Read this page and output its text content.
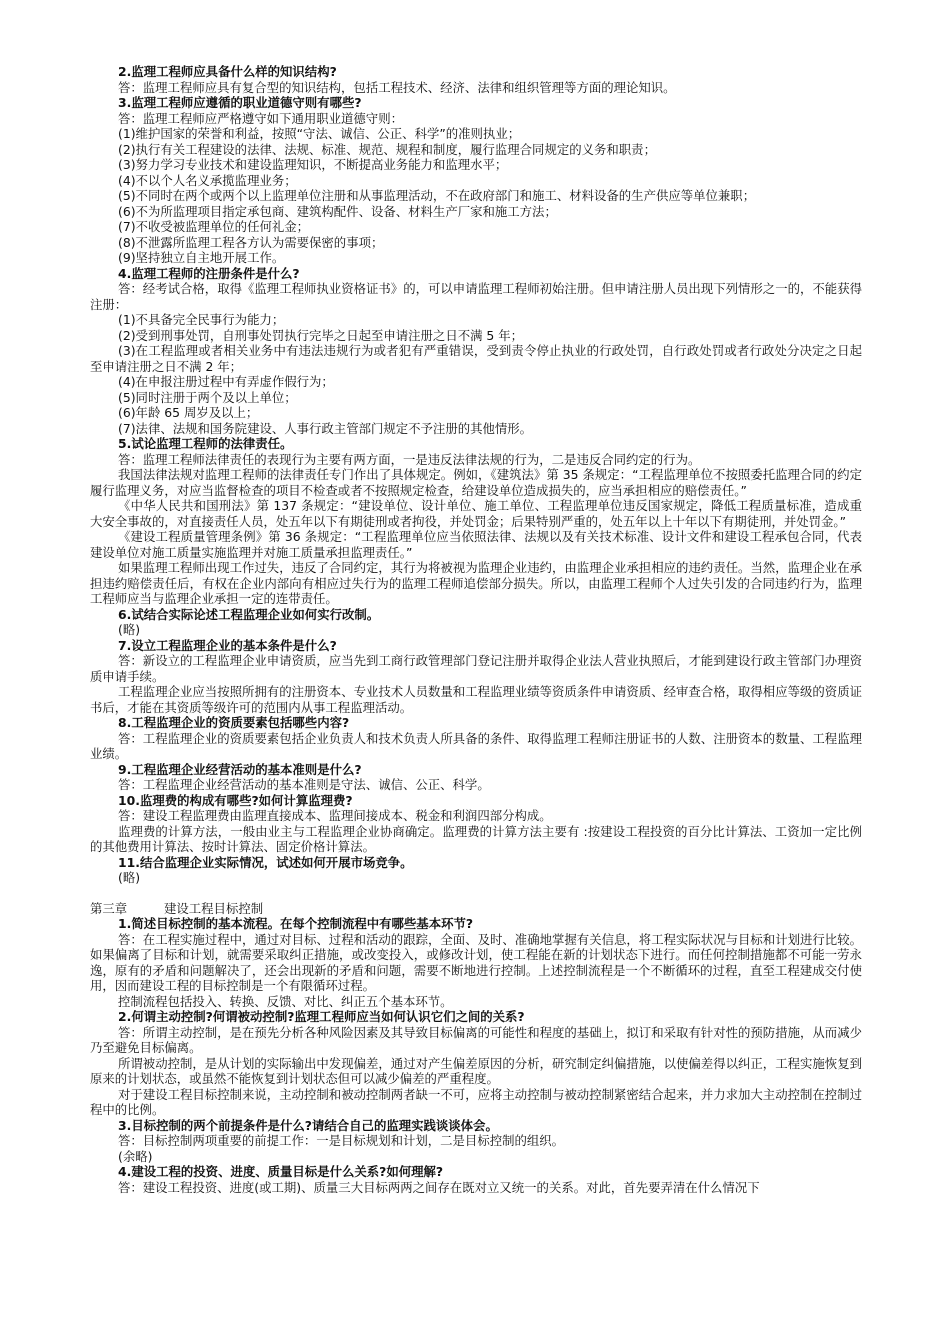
2.监理工程师应具备什么样的知识结构?

答：监理工程师应具有复合型的知识结构，包括工程技术、经济、法律和组织管理等方面的理论知识。

3.监理工程师应遵循的职业道德守则有哪些?

答：监理工程师应严格遵守如下通用职业道德守则：

(1)维护国家的荣誉和利益，按照“守法、诚信、公正、科学”的准则执业；

(2)执行有关工程建设的法律、法规、标准、规范、规程和制度，履行监理合同规定的义务和职责；

(3)努力学习专业技术和建设监理知识，不断提高业务能力和监理水平；

(4)不以个人名义承揽监理业务；

(5)不同时在两个或两个以上监理单位注册和从事监理活动，不在政府部门和施工、材料设备的生产供应等单位兼职；

(6)不为所监理项目指定承包商、建筑构配件、设备、材料生产厂家和施工方法；

(7)不收受被监理单位的任何礼金；

(8)不泄露所监理工程各方认为需要保密的事项；

(9)坚持独立自主地开展工作。

4.监理工程师的注册条件是什么?

答：经考试合格，取得《监理工程师执业资格证书》的，可以申请监理工程师初始注册。但申请注册人员出现下列情形之一的，不能获得注册：

(1)不具备完全民事行为能力；

(2)受到刑事处罚，自刑事处罚执行完毕之日起至申请注册之日不满 5 年；

(3)在工程监理或者相关业务中有违法违规行为或者犯有严重错误，受到责令停止执业的行政处罚，自行政处罚或者行政处分决定之日起至申请注册之日不满 2 年；

(4)在申报注册过程中有弄虚作假行为；

(5)同时注册于两个及以上单位；

(6)年龄 65 周岁及以上；

(7)法律、法规和国务院建设、人事行政主管部门规定不予注册的其他情形。

5.试论监理工程师的法律责任。

答：监理工程师法律责任的表现行为主要有两方面，一是违反法律法规的行为，二是违反合同约定的行为。

我国法律法规对监理工程师的法律责任专门作出了具体规定。例如，《建筑法》第 35 条规定：“工程监理单位不按照委托监理合同的约定履行监理义务，对应当监督检查的项目不检查或者不按照规定检查，给建设单位造成损失的，应当承担相应的赔偿责任。”

《中华人民共和国刑法》第 137 条规定：“建设单位、设计单位、施工单位、工程监理单位违反国家规定，降低工程质量标准，造成重大安全事故的，对直接责任人员，处五年以下有期徒刑或者拘役，并处罚金；后果特别严重的，处五年以上十年以下有期徒刑，并处罚金。”

《建设工程质量管理条例》第 36 条规定：“工程监理单位应当依照法律、法规以及有关技术标准、设计文件和建设工程承包合同，代表建设单位对施工质量实施监理并对施工质量承担监理责任。”

如果监理工程师出现工作过失，违反了合同约定，其行为将被视为监理企业违约，由监理企业承担相应的违约责任。当然，监理企业在承担违约赔偿责任后，有权在企业内部向有相应过失行为的监理工程师追偿部分损失。所以，由监理工程师个人过失引发的合同违约行为，监理工程师应当与监理企业承担一定的连带责任。

6.试结合实际论述工程监理企业如何实行改制。

(略)

7.设立工程监理企业的基本条件是什么?

答：新设立的工程监理企业申请资质，应当先到工商行政管理部门登记注册并取得企业法人营业执照后，才能到建设行政主管部门办理资质申请手续。

工程监理企业应当按照所拥有的注册资本、专业技术人员数量和工程监理业绩等资质条件申请资质、经审查合格，取得相应等级的资质证书后，才能在其资质等级许可的范围内从事工程监理活动。

8.工程监理企业的资质要素包括哪些内容?

答：工程监理企业的资质要素包括企业负责人和技术负责人所具备的条件、取得监理工程师注册证书的人数、注册资本的数量、工程监理业绩。

9.工程监理企业经营活动的基本准则是什么?

答：工程监理企业经营活动的基本准则是守法、诚信、公正、科学。

10.监理费的构成有哪些?如何计算监理费?

答：建设工程监理费由监理直接成本、监理间接成本、税金和利润四部分构成。

监理费的计算方法，一般由业主与工程监理企业协商确定。监理费的计算方法主要有 :按建设工程投资的百分比计算法、工资加一定比例的其他费用计算法、按时计算法、固定价格计算法。

11.结合监理企业实际情况，试述如何开展市场竞争。

(略)

第三章	建设工程目标控制

1.简述目标控制的基本流程。在每个控制流程中有哪些基本环节?

答：在工程实施过程中，通过对目标、过程和活动的跟踪，全面、及时、准确地掌握有关信息，将工程实际状况与目标和计划进行比较。如果偏离了目标和计划，就需要采取纠正措施，或改变投入，或修改计划，使工程能在新的计划状态下进行。而任何控制措施都不可能一劳永逸，原有的矛盾和问题解决了，还会出现新的矛盾和问题，需要不断地进行控制。上述控制流程是一个不断循环的过程，直至工程建成交付使用，因而建设工程的目标控制是一个有限循环过程。

控制流程包括投入、转换、反馈、对比、纠正五个基本环节。

2.何谓主动控制?何谓被动控制?监理工程师应当如何认识它们之间的关系?

答：所谓主动控制，是在预先分析各种风险因素及其导致目标偏离的可能性和程度的基础上，拟订和采取有针对性的预防措施，从而减少乃至避免目标偏离。

所谓被动控制，是从计划的实际输出中发现偏差，通过对产生偏差原因的分析，研究制定纠偏措施，以使偏差得以纠正，工程实施恢复到原来的计划状态，或虽然不能恢复到计划状态但可以减少偏差的严重程度。

对于建设工程目标控制来说，主动控制和被动控制两者缺一不可，应将主动控制与被动控制紧密结合起来，并力求加大主动控制在控制过程中的比例。

3.目标控制的两个前提条件是什么?请结合自己的监理实践谈谈体会。

答：目标控制两项重要的前提工作：一是目标规划和计划，二是目标控制的组织。

(余略)

4.建设工程的投资、进度、质量目标是什么关系?如何理解?

答：建设工程投资、进度(或工期)、质量三大目标两两之间存在既对立又统一的关系。对此，首先要弄清在什么情况下
